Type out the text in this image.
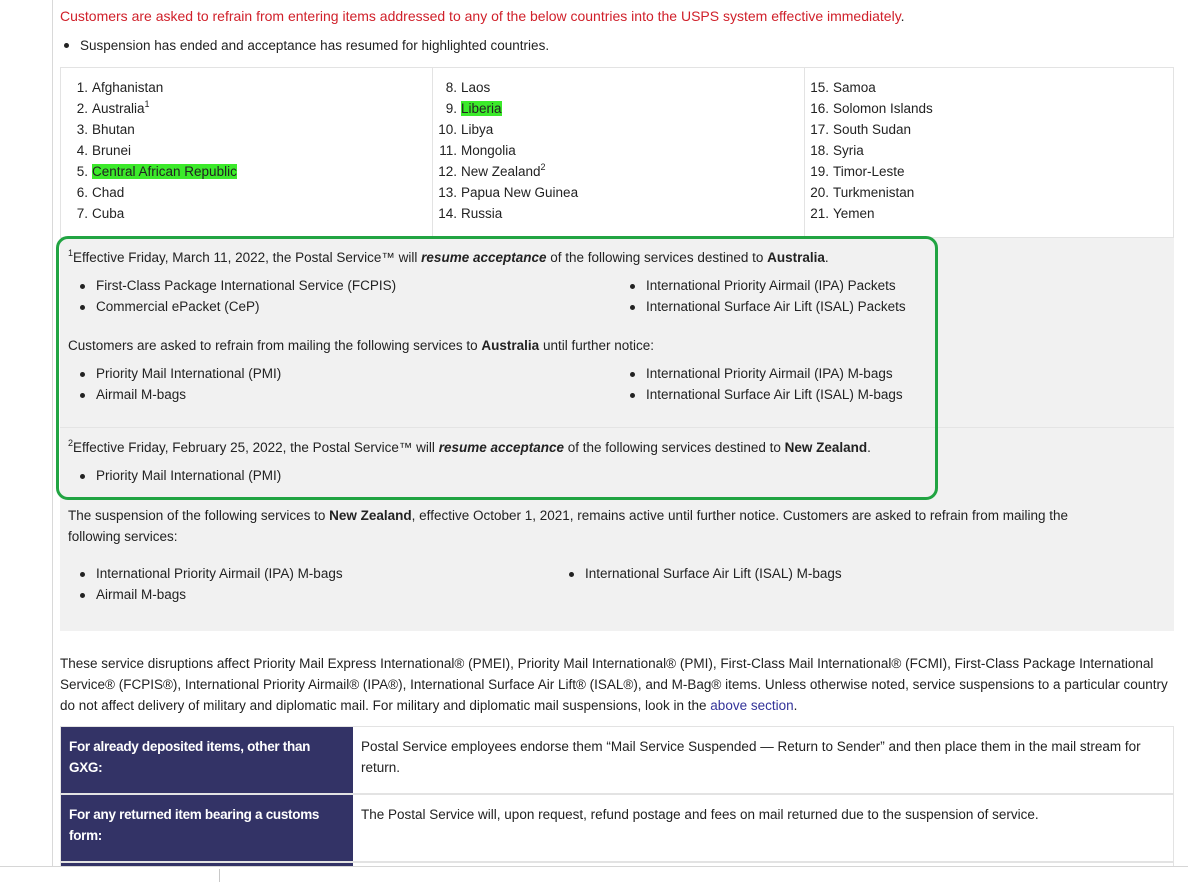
Customers are asked to refrain from entering items addressed to any of the below countries into the USPS system effective immediately.
Suspension has ended and acceptance has resumed for highlighted countries.
1. Afghanistan
2. Australia$^1$
3. Bhutan
4. Brunei
5. Central African Republic
6. Chad
7. Cuba
8. Laos
9. Liberia
10. Libya
11. Mongolia
12. New Zealand$^2$
13. Papua New Guinea
14. Russia
15. Samoa
16. Solomon Islands
17. South Sudan
18. Syria
19. Timor-Leste
20. Turkmenistan
21. Yemen
$^1$Effective Friday, March 11, 2022, the Postal Service™ will resume acceptance of the following services destined to Australia.
First-Class Package International Service (FCPIS)
Commercial ePacket (CeP)
International Priority Airmail (IPA) Packets
International Surface Air Lift (ISAL) Packets
Customers are asked to refrain from mailing the following services to Australia until further notice:
Priority Mail International (PMI)
Airmail M-bags
International Priority Airmail (IPA) M-bags
International Surface Air Lift (ISAL) M-bags
$^2$Effective Friday, February 25, 2022, the Postal Service™ will resume acceptance of the following services destined to New Zealand.
Priority Mail International (PMI)
The suspension of the following services to New Zealand, effective October 1, 2021, remains active until further notice. Customers are asked to refrain from mailing the
following services:
International Priority Airmail (IPA) M-bags
Airmail M-bags
International Surface Air Lift (ISAL) M-bags
These service disruptions affect Priority Mail Express International® (PMEI), Priority Mail International® (PMI), First-Class Mail International® (FCMI), First-Class Package International Service® (FCPIS®), International Priority Airmail® (IPA®), International Surface Air Lift® (ISAL®), and M-Bag® items. Unless otherwise noted, service suspensions to a particular country do not affect delivery of military and diplomatic mail. For military and diplomatic mail suspensions, look in the above section.
For already deposited items, other than GXG:
Postal Service employees endorse them “Mail Service Suspended — Return to Sender” and then place them in the mail stream for return.
For any returned item bearing a customs form:
The Postal Service will, upon request, refund postage and fees on mail returned due to the suspension of service.
